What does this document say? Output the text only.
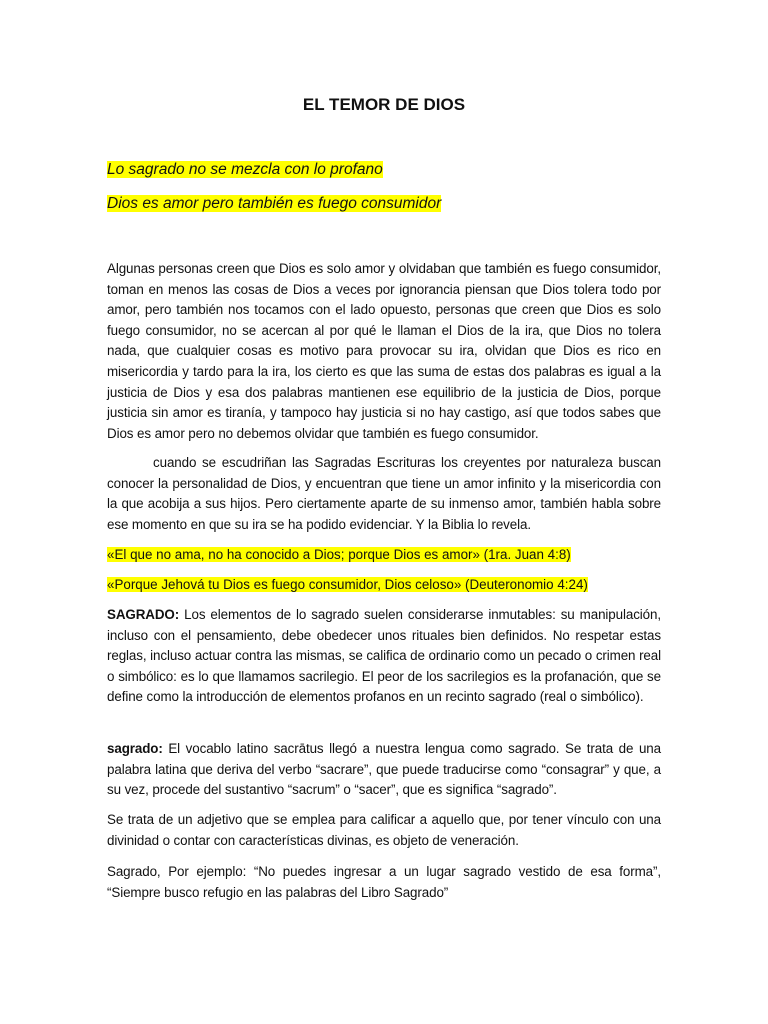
EL TEMOR DE DIOS
Lo sagrado no se mezcla con lo profano
Dios es amor pero también es fuego consumidor
Algunas personas creen que Dios es solo amor y olvidaban que también es fuego consumidor, toman en menos las cosas de Dios a veces por ignorancia piensan que Dios tolera todo por amor, pero también nos tocamos con el lado opuesto, personas que creen que Dios es solo fuego consumidor, no se acercan al por qué le llaman el Dios de la ira, que Dios no tolera nada, que cualquier cosas es motivo para provocar su ira, olvidan que Dios es rico en misericordia y tardo para la ira, los cierto es que las suma de estas dos palabras es igual a la justicia de Dios y esa dos palabras mantienen ese equilibrio de la justicia de Dios, porque justicia sin amor es tiranía, y tampoco hay justicia si no hay castigo, así que todos sabes que Dios es amor pero no debemos olvidar que también es fuego consumidor.
cuando se escudriñan las Sagradas Escrituras los creyentes por naturaleza buscan conocer la personalidad de Dios, y encuentran que tiene un amor infinito y la misericordia con la que acobija a sus hijos. Pero ciertamente aparte de su inmenso amor, también habla sobre ese momento en que su ira se ha podido evidenciar. Y la Biblia lo revela.
«El que no ama, no ha conocido a Dios; porque Dios es amor» (1ra. Juan 4:8)
«Porque Jehová tu Dios es fuego consumidor, Dios celoso» (Deuteronomio 4:24)
SAGRADO: Los elementos de lo sagrado suelen considerarse inmutables: su manipulación, incluso con el pensamiento, debe obedecer unos rituales bien definidos. No respetar estas reglas, incluso actuar contra las mismas, se califica de ordinario como un pecado o crimen real o simbólico: es lo que llamamos sacrilegio. El peor de los sacrilegios es la profanación, que se define como la introducción de elementos profanos en un recinto sagrado (real o simbólico).
sagrado: El vocablo latino sacrātus llegó a nuestra lengua como sagrado. Se trata de una palabra latina que deriva del verbo “sacrare”, que puede traducirse como “consagrar” y que, a su vez, procede del sustantivo “sacrum” o “sacer”, que es significa “sagrado”.
Se trata de un adjetivo que se emplea para calificar a aquello que, por tener vínculo con una divinidad o contar con características divinas, es objeto de veneración.
Sagrado, Por ejemplo: “No puedes ingresar a un lugar sagrado vestido de esa forma”, “Siempre busco refugio en las palabras del Libro Sagrado”
